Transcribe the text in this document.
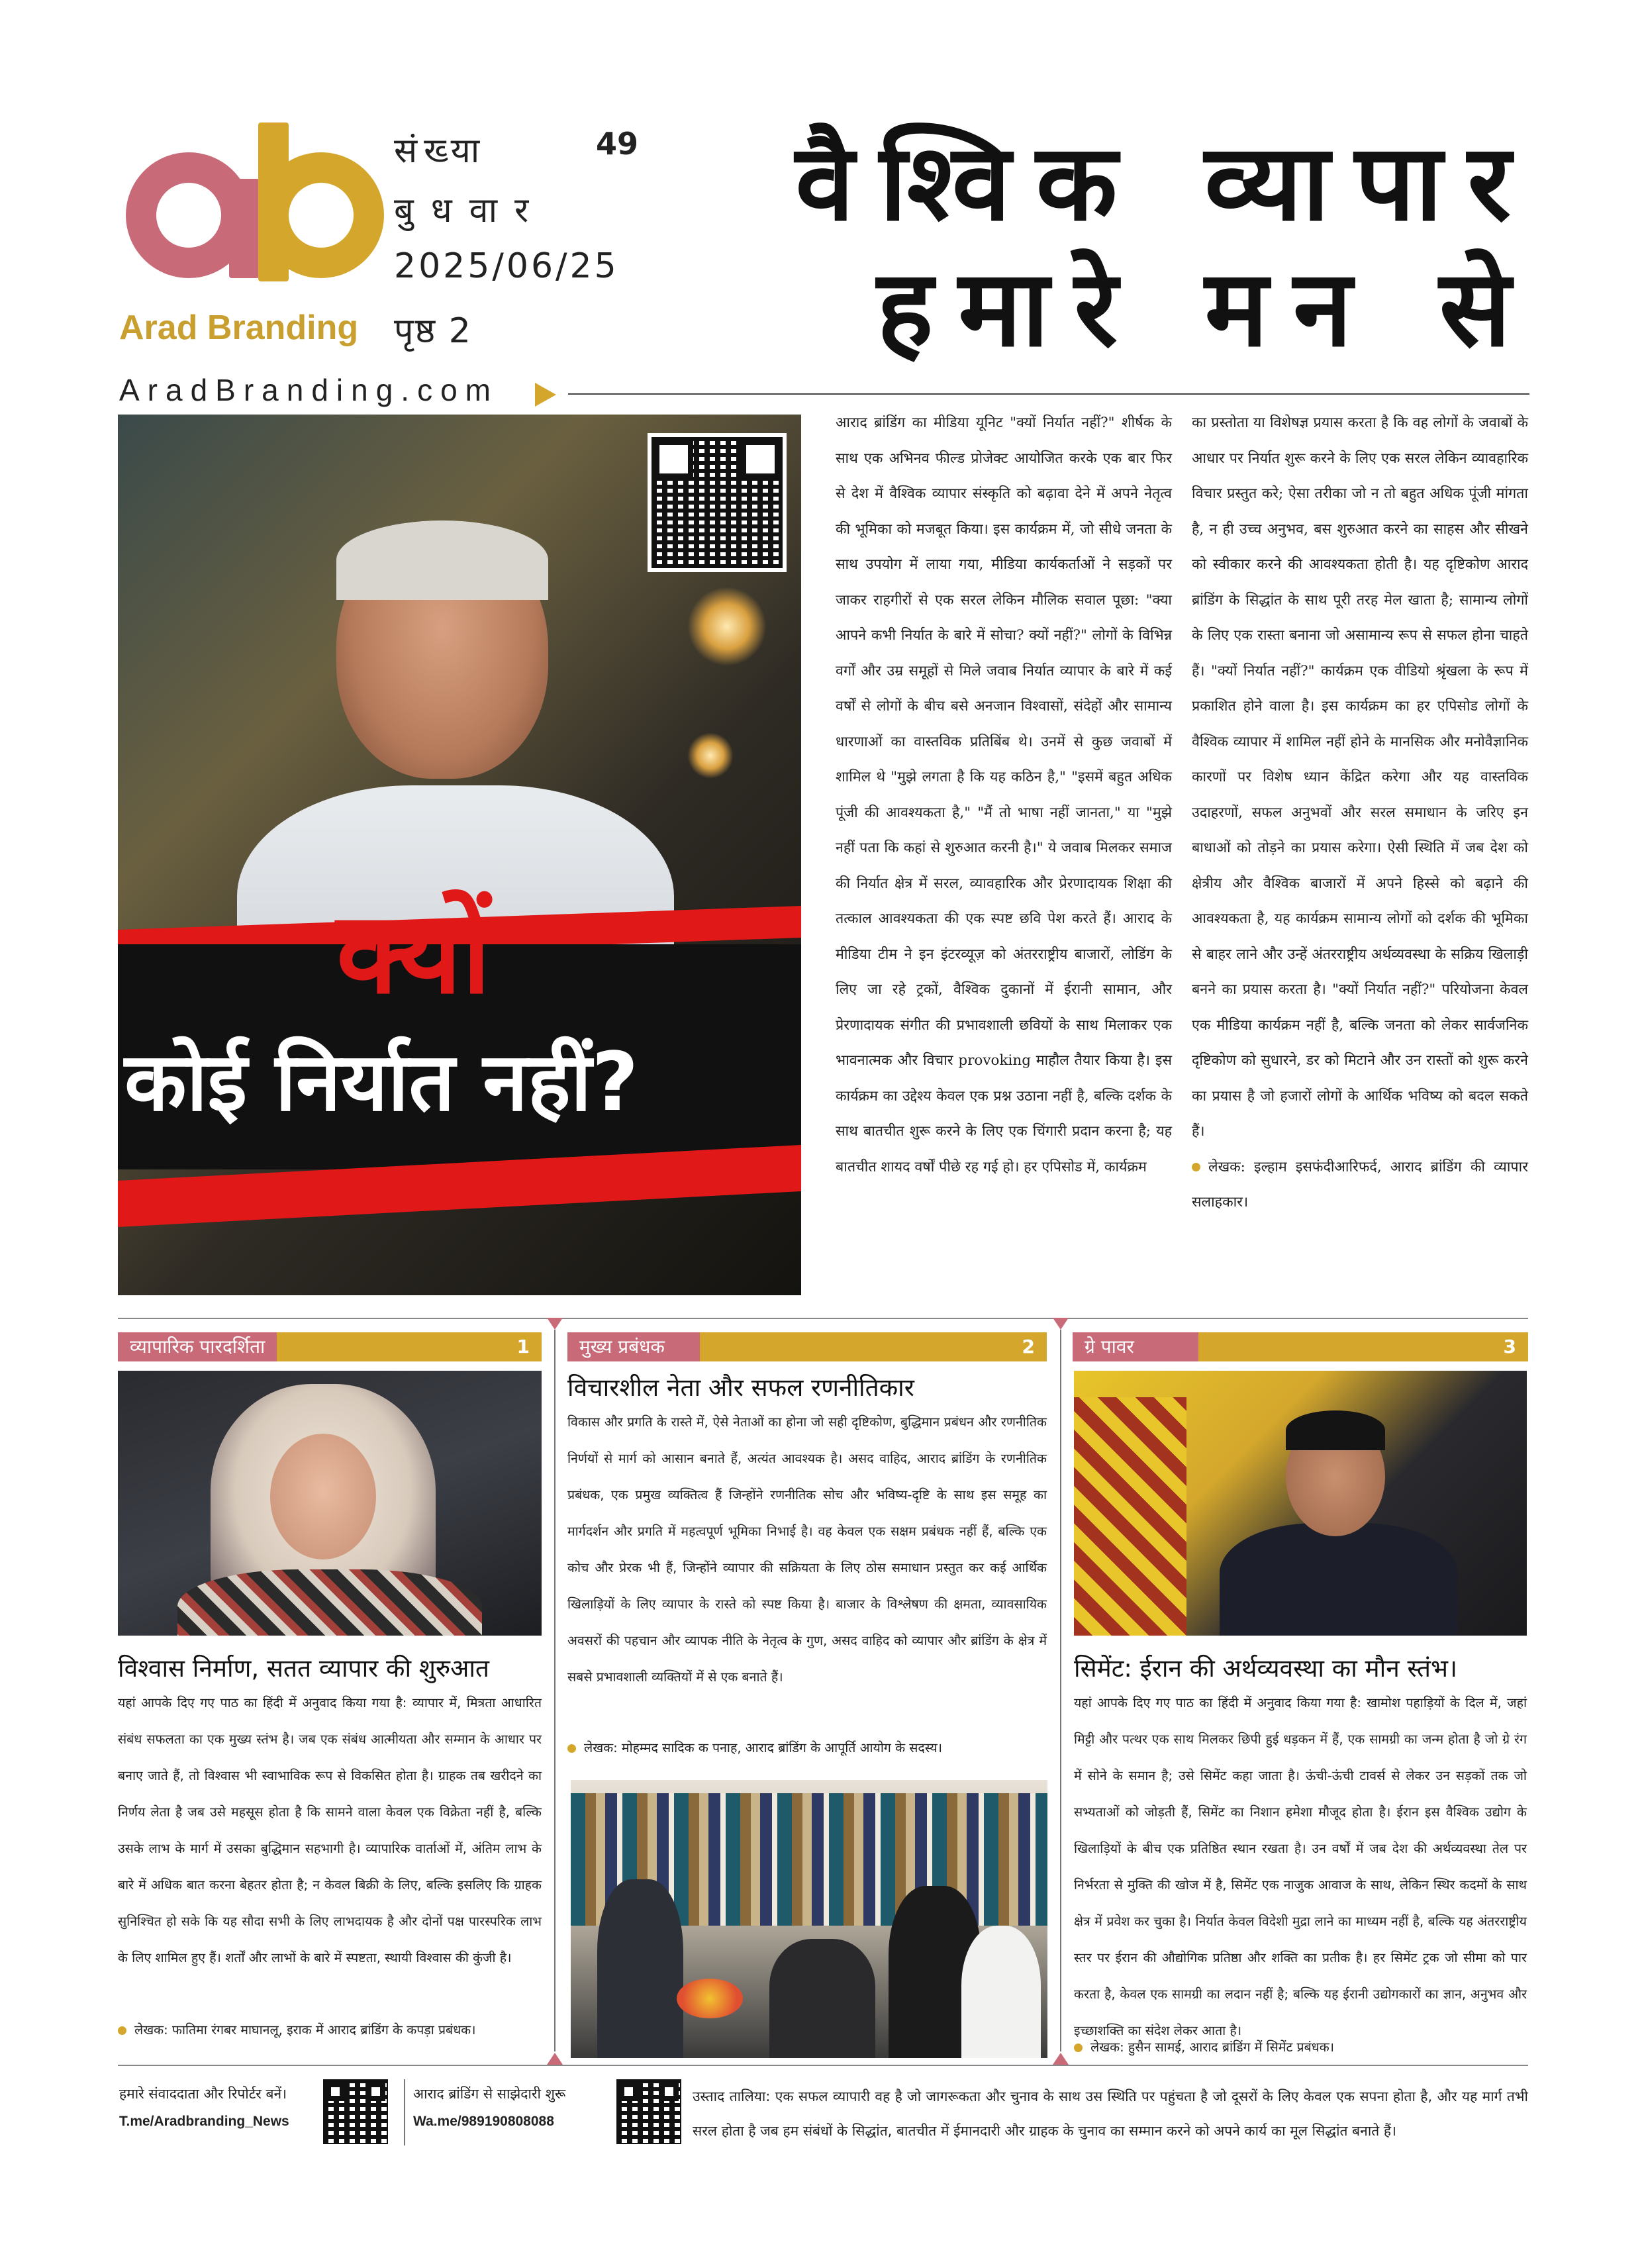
Arad Branding
संख्या	49
बुधवार
2025/06/25
पृष्ठ 2
वैश्विक व्यापार
हमारे मन से
AradBranding.com
क्यों
कोई निर्यात नहीं?
आराद ब्रांडिंग का मीडिया यूनिट "क्यों निर्यात नहीं?" शीर्षक के साथ एक अभिनव फील्ड प्रोजेक्ट आयोजित करके एक बार फिर से देश में वैश्विक व्यापार संस्कृति को बढ़ावा देने में अपने नेतृत्व की भूमिका को मजबूत किया। इस कार्यक्रम में, जो सीधे जनता के साथ उपयोग में लाया गया, मीडिया कार्यकर्ताओं ने सड़कों पर जाकर राहगीरों से एक सरल लेकिन मौलिक सवाल पूछा: "क्या आपने कभी निर्यात के बारे में सोचा? क्यों नहीं?" लोगों के विभिन्न वर्गों और उम्र समूहों से मिले जवाब निर्यात व्यापार के बारे में कई वर्षों से लोगों के बीच बसे अनजान विश्वासों, संदेहों और सामान्य धारणाओं का वास्तविक प्रतिबिंब थे। उनमें से कुछ जवाबों में शामिल थे "मुझे लगता है कि यह कठिन है," "इसमें बहुत अधिक पूंजी की आवश्यकता है," "मैं तो भाषा नहीं जानता," या "मुझे नहीं पता कि कहां से शुरुआत करनी है।" ये जवाब मिलकर समाज की निर्यात क्षेत्र में सरल, व्यावहारिक और प्रेरणादायक शिक्षा की तत्काल आवश्यकता की एक स्पष्ट छवि पेश करते हैं। आराद के मीडिया टीम ने इन इंटरव्यूज़ को अंतरराष्ट्रीय बाजारों, लोडिंग के लिए जा रहे ट्रकों, वैश्विक दुकानों में ईरानी सामान, और प्रेरणादायक संगीत की प्रभावशाली छवियों के साथ मिलाकर एक भावनात्मक और विचार provoking माहौल तैयार किया है। इस कार्यक्रम का उद्देश्य केवल एक प्रश्न उठाना नहीं है, बल्कि दर्शक के साथ बातचीत शुरू करने के लिए एक चिंगारी प्रदान करना है; यह बातचीत शायद वर्षों पीछे रह गई हो। हर एपिसोड में, कार्यक्रम
का प्रस्तोता या विशेषज्ञ प्रयास करता है कि वह लोगों के जवाबों के आधार पर निर्यात शुरू करने के लिए एक सरल लेकिन व्यावहारिक विचार प्रस्तुत करे; ऐसा तरीका जो न तो बहुत अधिक पूंजी मांगता है, न ही उच्च अनुभव, बस शुरुआत करने का साहस और सीखने को स्वीकार करने की आवश्यकता होती है। यह दृष्टिकोण आराद ब्रांडिंग के सिद्धांत के साथ पूरी तरह मेल खाता है; सामान्य लोगों के लिए एक रास्ता बनाना जो असामान्य रूप से सफल होना चाहते हैं। "क्यों निर्यात नहीं?" कार्यक्रम एक वीडियो श्रृंखला के रूप में प्रकाशित होने वाला है। इस कार्यक्रम का हर एपिसोड लोगों के वैश्विक व्यापार में शामिल नहीं होने के मानसिक और मनोवैज्ञानिक कारणों पर विशेष ध्यान केंद्रित करेगा और यह वास्तविक उदाहरणों, सफल अनुभवों और सरल समाधान के जरिए इन बाधाओं को तोड़ने का प्रयास करेगा। ऐसी स्थिति में जब देश को क्षेत्रीय और वैश्विक बाजारों में अपने हिस्से को बढ़ाने की आवश्यकता है, यह कार्यक्रम सामान्य लोगों को दर्शक की भूमिका से बाहर लाने और उन्हें अंतरराष्ट्रीय अर्थव्यवस्था के सक्रिय खिलाड़ी बनने का प्रयास करता है। "क्यों निर्यात नहीं?" परियोजना केवल एक मीडिया कार्यक्रम नहीं है, बल्कि जनता को लेकर सार्वजनिक दृष्टिकोण को सुधारने, डर को मिटाने और उन रास्तों को शुरू करने का प्रयास है जो हजारों लोगों के आर्थिक भविष्य को बदल सकते हैं।
लेखक: इल्हाम इसफंदीआरिफर्द, आराद ब्रांडिंग की व्यापार सलाहकार।
व्यापारिक पारदर्शिता	1
विश्वास निर्माण, सतत व्यापार की शुरुआत
यहां आपके दिए गए पाठ का हिंदी में अनुवाद किया गया है: व्यापार में, मित्रता आधारित संबंध सफलता का एक मुख्य स्तंभ है। जब एक संबंध आत्मीयता और सम्मान के आधार पर बनाए जाते हैं, तो विश्वास भी स्वाभाविक रूप से विकसित होता है। ग्राहक तब खरीदने का निर्णय लेता है जब उसे महसूस होता है कि सामने वाला केवल एक विक्रेता नहीं है, बल्कि उसके लाभ के मार्ग में उसका बुद्धिमान सहभागी है। व्यापारिक वार्ताओं में, अंतिम लाभ के बारे में अधिक बात करना बेहतर होता है; न केवल बिक्री के लिए, बल्कि इसलिए कि ग्राहक सुनिश्चित हो सके कि यह सौदा सभी के लिए लाभदायक है और दोनों पक्ष पारस्परिक लाभ के लिए शामिल हुए हैं। शर्तों और लाभों के बारे में स्पष्टता, स्थायी विश्वास की कुंजी है।
लेखक: फातिमा रंगबर माघानलू, इराक में आराद ब्रांडिंग के कपड़ा प्रबंधक।
मुख्य प्रबंधक	2
विचारशील नेता और सफल रणनीतिकार
विकास और प्रगति के रास्ते में, ऐसे नेताओं का होना जो सही दृष्टिकोण, बुद्धिमान प्रबंधन और रणनीतिक निर्णयों से मार्ग को आसान बनाते हैं, अत्यंत आवश्यक है। असद वाहिद, आराद ब्रांडिंग के रणनीतिक प्रबंधक, एक प्रमुख व्यक्तित्व हैं जिन्होंने रणनीतिक सोच और भविष्य-दृष्टि के साथ इस समूह का मार्गदर्शन और प्रगति में महत्वपूर्ण भूमिका निभाई है। वह केवल एक सक्षम प्रबंधक नहीं हैं, बल्कि एक कोच और प्रेरक भी हैं, जिन्होंने व्यापार की सक्रियता के लिए ठोस समाधान प्रस्तुत कर कई आर्थिक खिलाड़ियों के लिए व्यापार के रास्ते को स्पष्ट किया है। बाजार के विश्लेषण की क्षमता, व्यावसायिक अवसरों की पहचान और व्यापक नीति के नेतृत्व के गुण, असद वाहिद को व्यापार और ब्रांडिंग के क्षेत्र में सबसे प्रभावशाली व्यक्तियों में से एक बनाते हैं।
लेखक: मोहम्मद सादिक क पनाह, आराद ब्रांडिंग के आपूर्ति आयोग के सदस्य।
ग्रे पावर	3
सिमेंट: ईरान की अर्थव्यवस्था का मौन स्तंभ।
यहां आपके दिए गए पाठ का हिंदी में अनुवाद किया गया है: खामोश पहाड़ियों के दिल में, जहां मिट्टी और पत्थर एक साथ मिलकर छिपी हुई धड़कन में हैं, एक सामग्री का जन्म होता है जो ग्रे रंग में सोने के समान है; उसे सिमेंट कहा जाता है। ऊंची-ऊंची टावर्स से लेकर उन सड़कों तक जो सभ्यताओं को जोड़ती हैं, सिमेंट का निशान हमेशा मौजूद होता है। ईरान इस वैश्विक उद्योग के खिलाड़ियों के बीच एक प्रतिष्ठित स्थान रखता है। उन वर्षों में जब देश की अर्थव्यवस्था तेल पर निर्भरता से मुक्ति की खोज में है, सिमेंट एक नाजुक आवाज के साथ, लेकिन स्थिर कदमों के साथ क्षेत्र में प्रवेश कर चुका है। निर्यात केवल विदेशी मुद्रा लाने का माध्यम नहीं है, बल्कि यह अंतरराष्ट्रीय स्तर पर ईरान की औद्योगिक प्रतिष्ठा और शक्ति का प्रतीक है। हर सिमेंट ट्रक जो सीमा को पार करता है, केवल एक सामग्री का लदान नहीं है; बल्कि यह ईरानी उद्योगकारों का ज्ञान, अनुभव और इच्छाशक्ति का संदेश लेकर आता है।
लेखक: हुसैन सामई, आराद ब्रांडिंग में सिमेंट प्रबंधक।
हमारे संवाददाता और रिपोर्टर बनें।
T.me/Aradbranding_News
आराद ब्रांडिंग से साझेदारी शुरू
Wa.me/989190808088
उस्ताद तालिया: एक सफल व्यापारी वह है जो जागरूकता और चुनाव के साथ उस स्थिति पर पहुंचता है जो दूसरों के लिए केवल एक सपना होता है, और यह मार्ग तभी सरल होता है जब हम संबंधों के सिद्धांत, बातचीत में ईमानदारी और ग्राहक के चुनाव का सम्मान करने को अपने कार्य का मूल सिद्धांत बनाते हैं।
